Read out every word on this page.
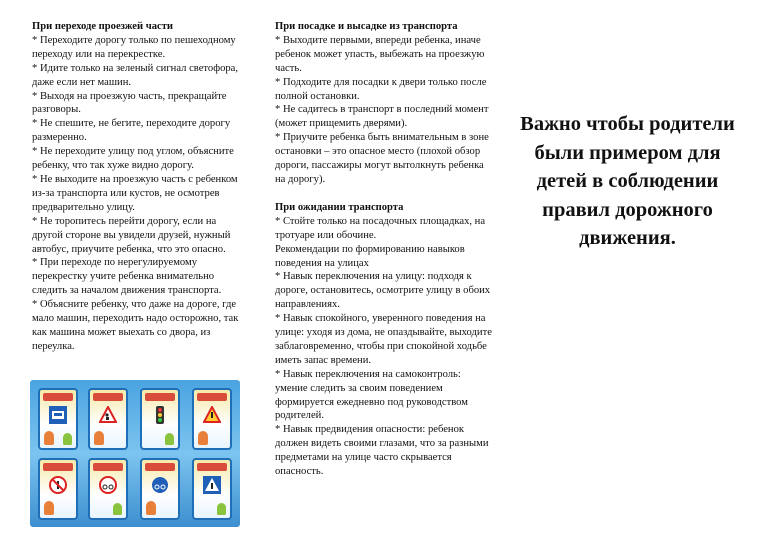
При переходе проезжей части

* Переходите дорогу только по пешеходному переходу или на перекрестке.

* Идите только на зеленый сигнал светофора, даже если нет машин.

* Выходя на проезжую часть, прекращайте разговоры.

* Не спешите, не бегите, переходите дорогу размеренно.

* Не переходите улицу под углом, объясните ребенку, что так хуже видно дорогу.

* Не выходите на проезжую часть с ребенком из-за транспорта или кустов, не осмотрев предварительно улицу.

* Не торопитесь перейти дорогу, если на другой стороне вы увидели друзей, нужный автобус, приучите ребенка, что это опасно.

* При переходе по нерегулируемому перекрестку учите ребенка внимательно следить за началом движения транспорта.

* Объясните ребенку, что даже на дороге, где мало машин, переходить надо осторожно, так как машина может выехать со двора, из переулка.

При посадке и высадке из транспорта

* Выходите первыми, впереди ребенка, иначе ребенок может упасть, выбежать на проезжую часть.

* Подходите для посадки к двери только после полной остановки.

* Не садитесь в транспорт в последний момент (может прищемить дверями).

* Приучите ребенка быть внимательным в зоне остановки – это опасное место (плохой обзор дороги, пассажиры могут вытолкнуть ребенка на дорогу).

При ожидании транспорта

* Стойте только на посадочных площадках, на тротуаре или обочине.

Рекомендации по формированию навыков поведения на улицах

* Навык переключения на улицу: подходя к дороге, остановитесь, осмотрите улицу в обоих направлениях.

* Навык спокойного, уверенного поведения на улице: уходя из дома, не опаздывайте, выходите заблаговременно, чтобы при спокойной ходьбе иметь запас времени.

* Навык переключения на самоконтроль: умение следить за своим поведением формируется ежедневно под руководством родителей.

* Навык предвидения опасности: ребенок должен видеть своими глазами, что за разными предметами на улице часто скрывается опасность.

Важно чтобы родители были примером для детей в соблюдении правил дорожного движения.
